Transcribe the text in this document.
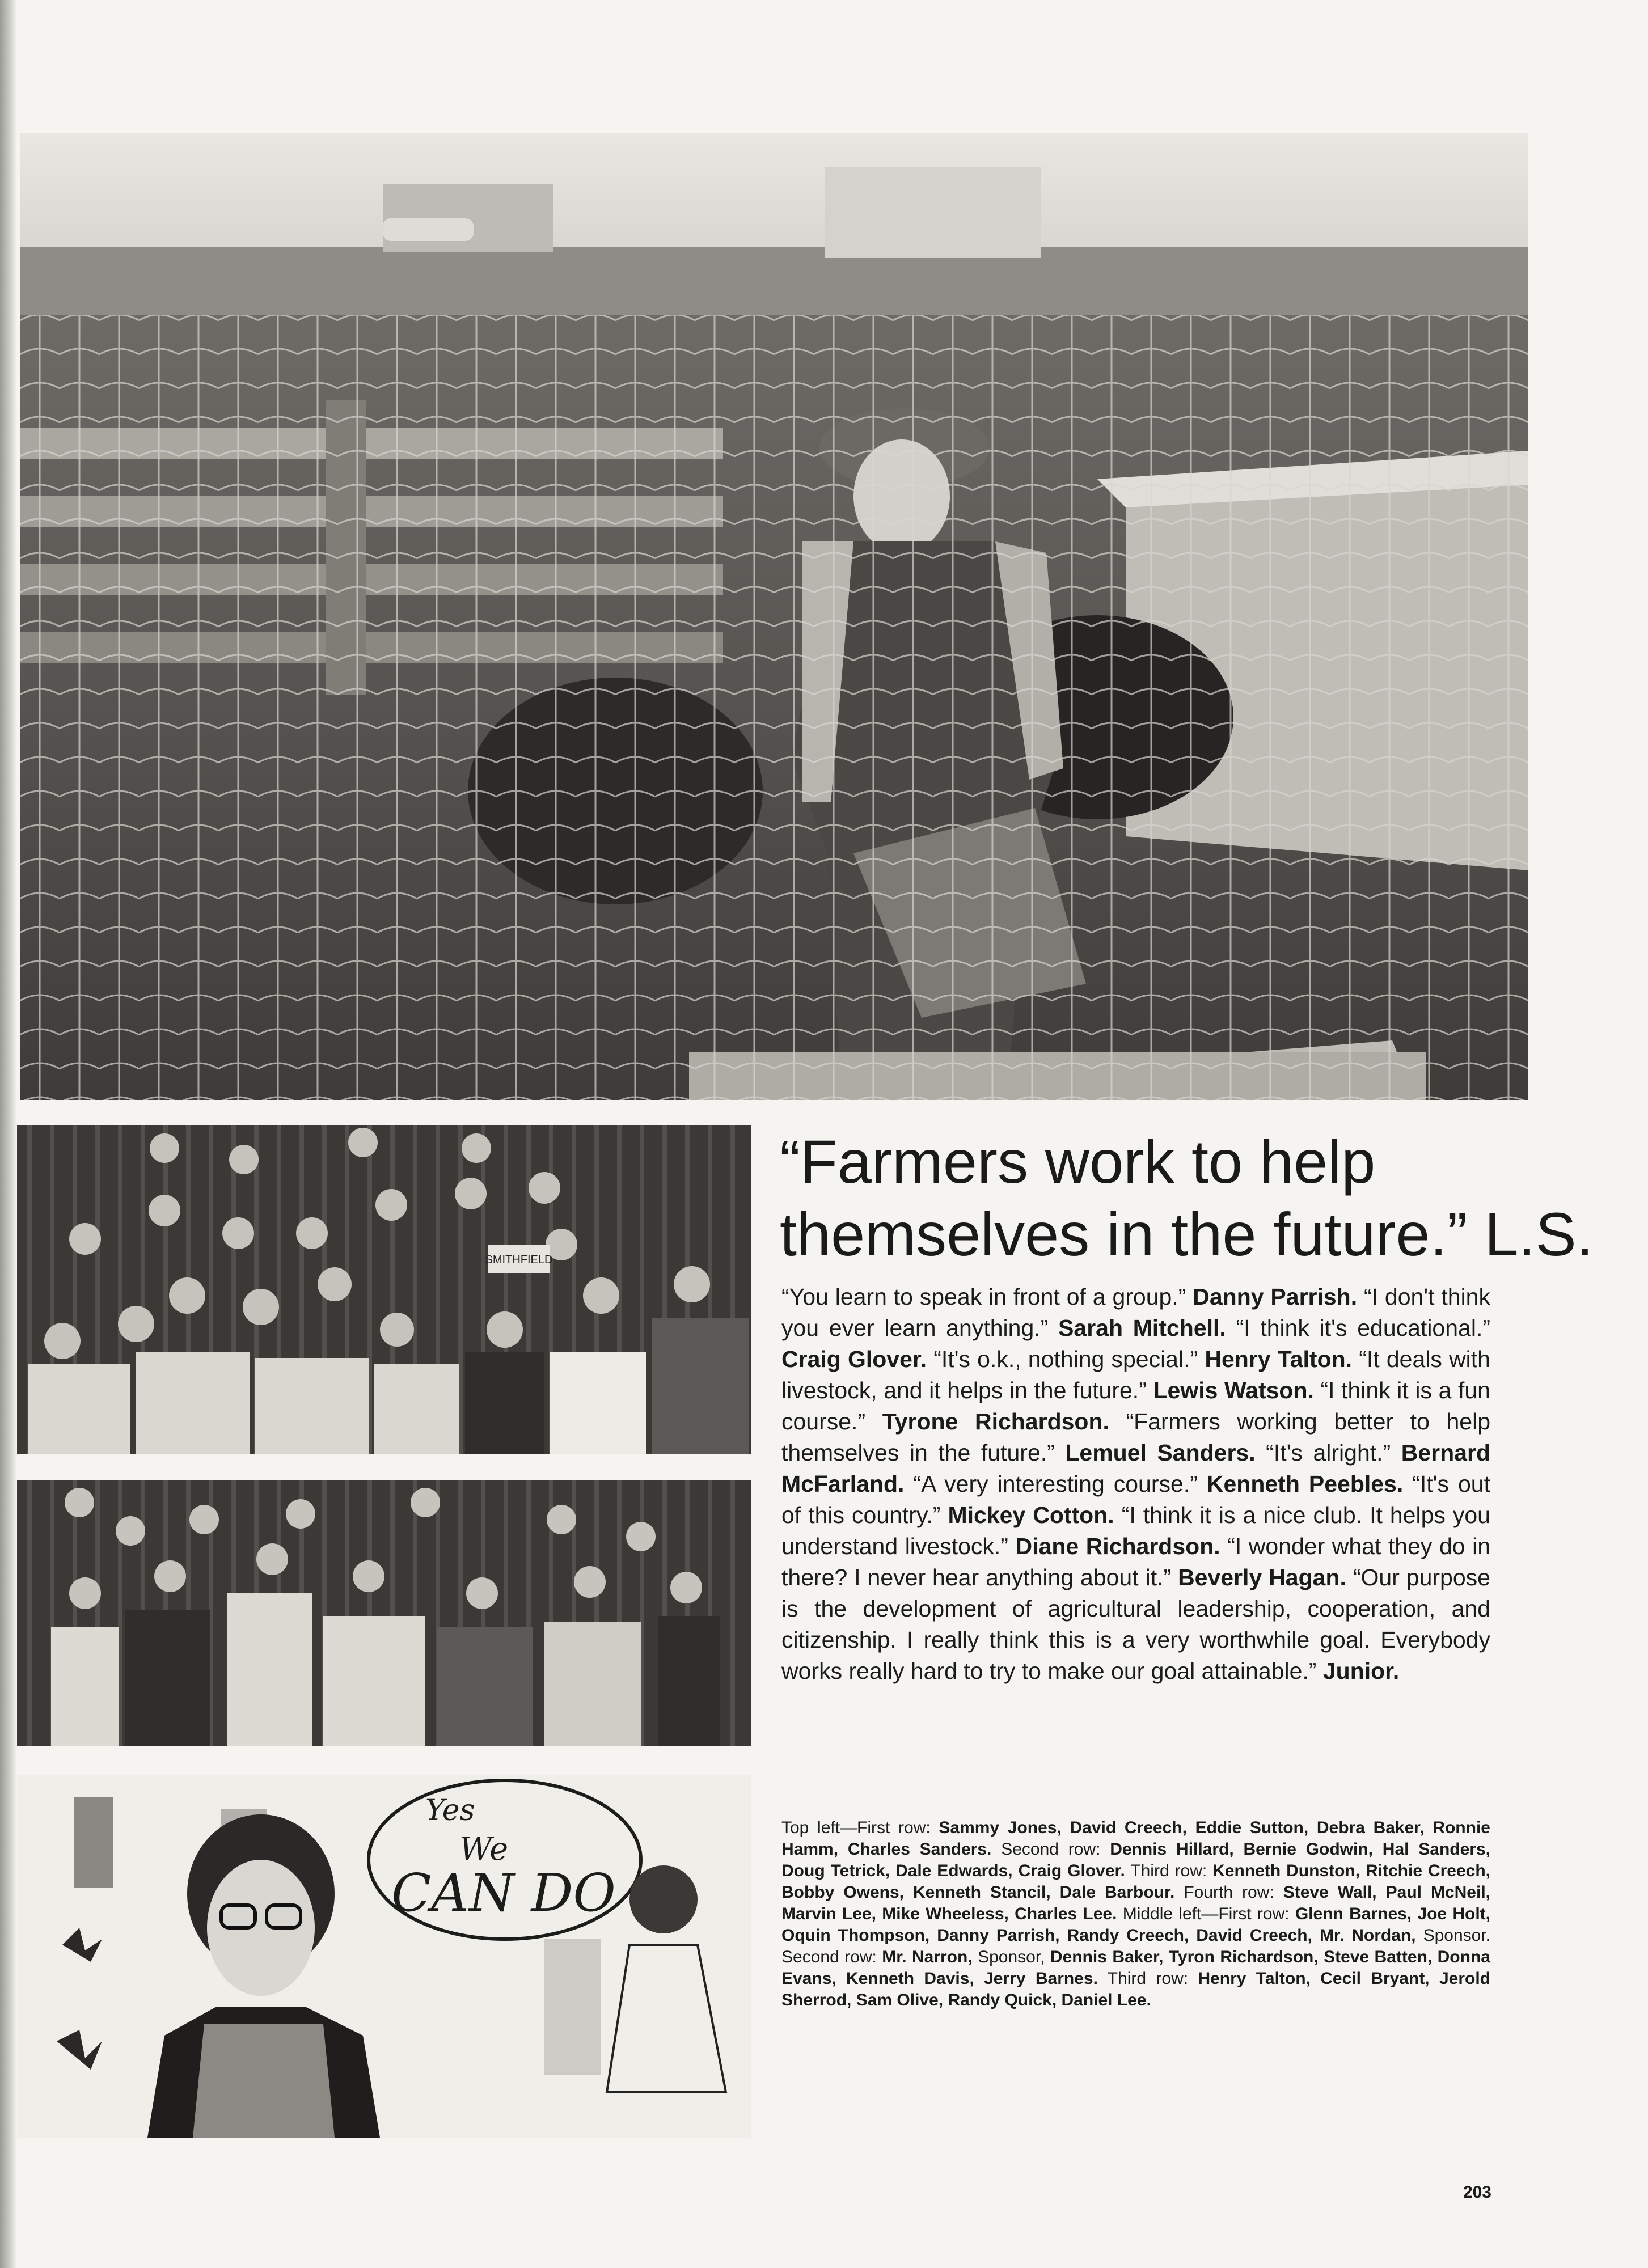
SMITHFIELD
Yes
We
CAN DO
“Farmers work to help themselves in the future.” L.S.

“You learn to speak in front of a group.” Danny Parrish. “I don't think you ever learn anything.” Sarah Mitchell. “I think it's educational.” Craig Glover. “It's o.k., nothing special.” Henry Talton. “It deals with livestock, and it helps in the future.” Lewis Watson. “I think it is a fun course.” Tyrone Richardson. “Farmers working better to help themselves in the future.” Lemuel Sanders. “It's alright.” Bernard McFarland. “A very interesting course.” Kenneth Peebles. “It's out of this country.” Mickey Cotton. “I think it is a nice club. It helps you understand livestock.” Diane Richardson. “I wonder what they do in there? I never hear anything about it.” Beverly Hagan. “Our purpose is the development of agricultural leadership, cooperation, and citizenship. I really think this is a very worthwhile goal. Everybody works really hard to try to make our goal attainable.” Junior.

Top left—First row: Sammy Jones, David Creech, Eddie Sutton, Debra Baker, Ronnie Hamm, Charles Sanders. Second row: Dennis Hillard, Bernie Godwin, Hal Sanders, Doug Tetrick, Dale Edwards, Craig Glover. Third row: Kenneth Dunston, Ritchie Creech, Bobby Owens, Kenneth Stancil, Dale Barbour. Fourth row: Steve Wall, Paul McNeil, Marvin Lee, Mike Wheeless, Charles Lee. Middle left—First row: Glenn Barnes, Joe Holt, Oquin Thompson, Danny Parrish, Randy Creech, David Creech, Mr. Nordan, Sponsor. Second row: Mr. Narron, Sponsor, Dennis Baker, Tyron Richardson, Steve Batten, Donna Evans, Kenneth Davis, Jerry Barnes. Third row: Henry Talton, Cecil Bryant, Jerold Sherrod, Sam Olive, Randy Quick, Daniel Lee.

203
